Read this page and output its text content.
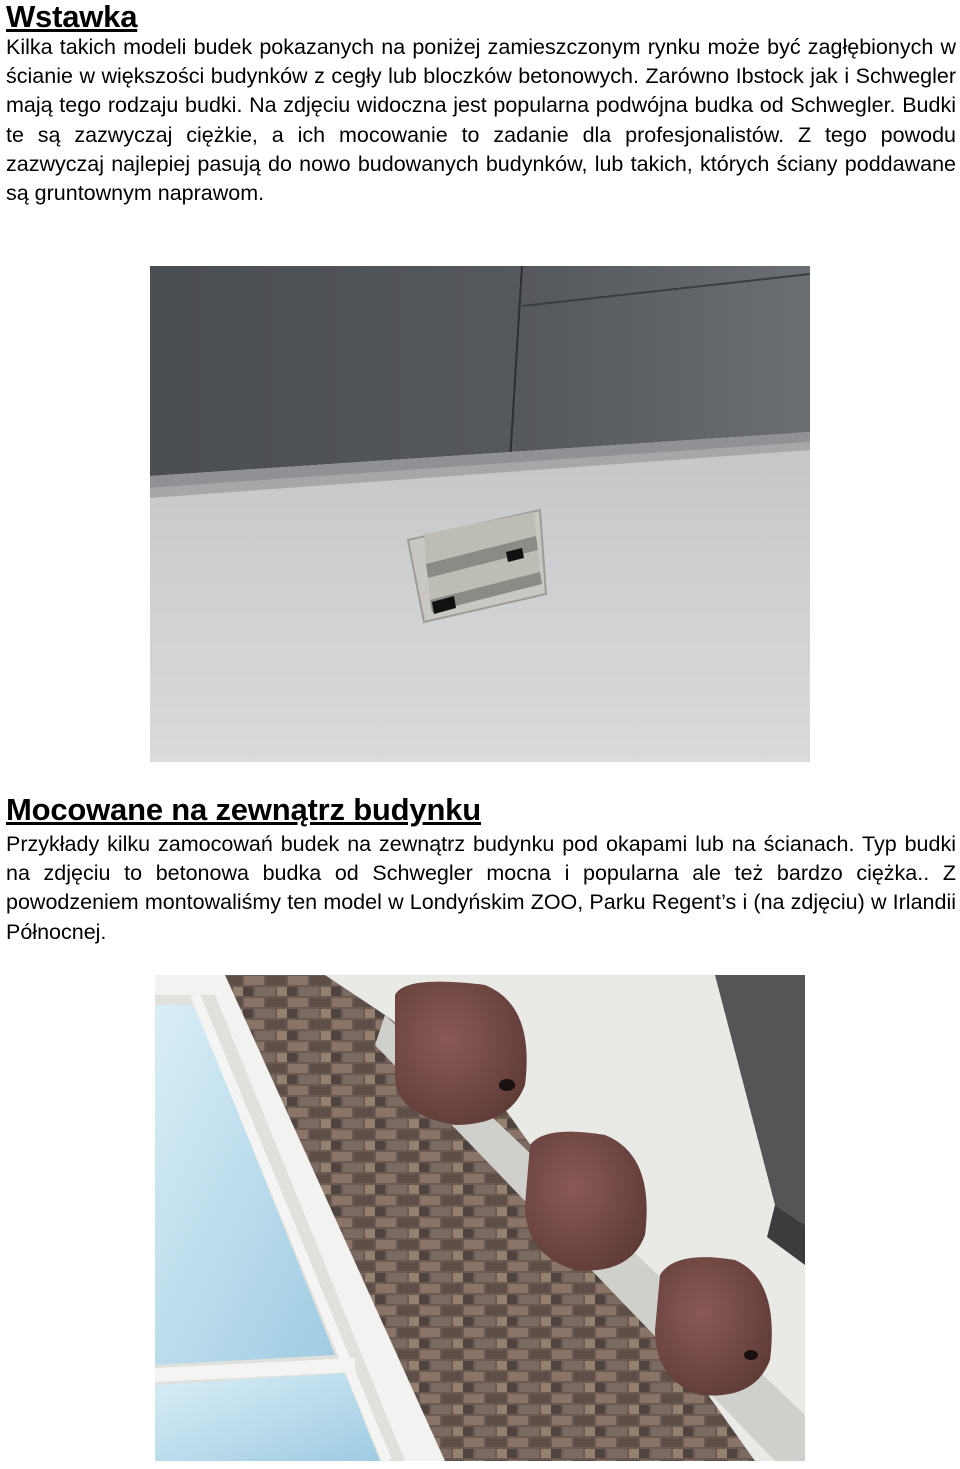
Wstawka

Kilka takich modeli budek pokazanych na poniżej zamieszczonym rynku może być zagłębionych w ścianie w większości budynków z cegły lub bloczków betonowych. Zarówno Ibstock jak i Schwegler mają tego rodzaju budki. Na zdjęciu widoczna jest popularna podwójna budka od Schwegler. Budki te są zazwyczaj ciężkie, a ich mocowanie to zadanie dla profesjonalistów. Z tego powodu zazwyczaj najlepiej pasują do nowo budowanych budynków, lub takich, których ściany poddawane są gruntownym naprawom.

Mocowane na zewnątrz budynku

Przykłady kilku zamocowań budek na zewnątrz budynku pod okapami lub na ścianach. Typ budki na zdjęciu to betonowa budka od Schwegler mocna i popularna ale też bardzo ciężka.. Z powodzeniem montowaliśmy ten model w Londyńskim ZOO, Parku Regent’s i (na zdjęciu) w Irlandii Północnej.
